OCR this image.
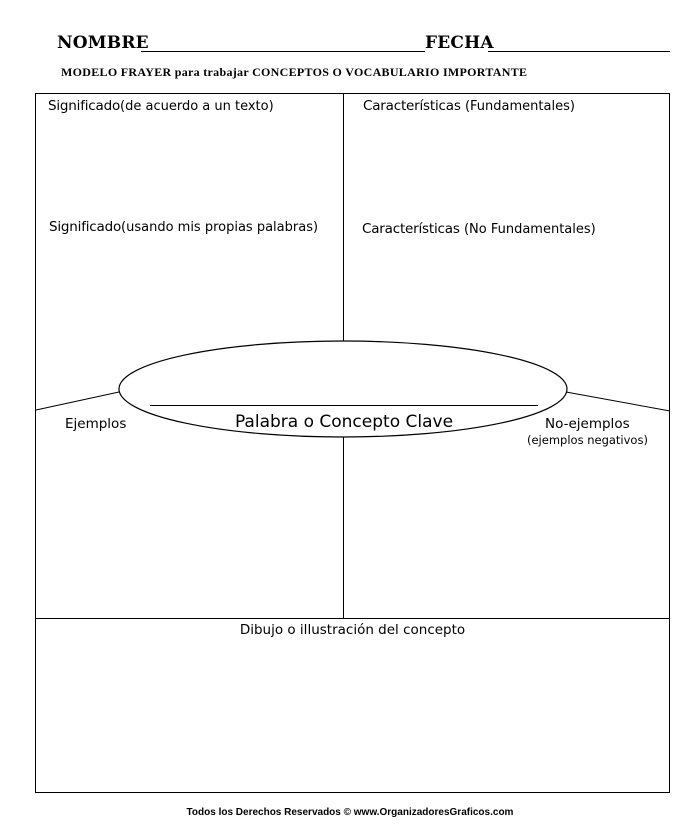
NOMBRE	FECHA
MODELO FRAYER para trabajar CONCEPTOS O VOCABULARIO IMPORTANTE
Significado(de acuerdo a un texto)
Significado(usando mis propias palabras)
Características (Fundamentales)
Características (No Fundamentales)
Palabra o Concepto Clave
Ejemplos	No-ejemplos
(ejemplos negativos)
Dibujo o illustración del concepto
Todos los Derechos Reservados © www.OrganizadoresGraficos.com
